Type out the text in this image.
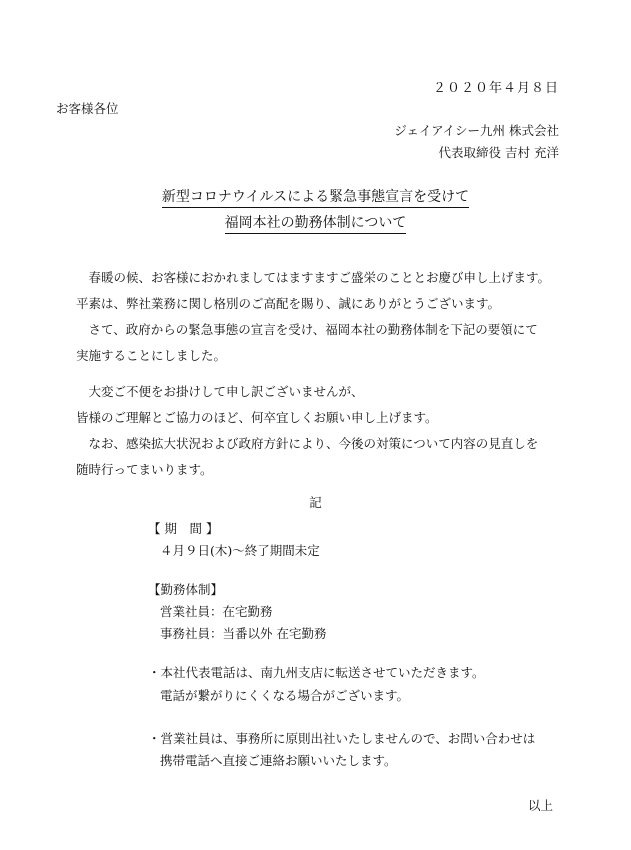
２０２０年４月８日
お客様各位
ジェイアイシー九州 株式会社
代表取締役 吉村 充洋
新型コロナウイルスによる緊急事態宣言を受けて
福岡本社の勤務体制について
　春暖の候、お客様におかれましてはますますご盛栄のこととお慶び申し上げます。
平素は、弊社業務に関し格別のご高配を賜り、誠にありがとうございます。
　さて、政府からの緊急事態の宣言を受け、福岡本社の勤務体制を下記の要領にて
実施することにしました。
　大変ご不便をお掛けして申し訳ございませんが、
皆様のご理解とご協力のほど、何卒宜しくお願い申し上げます。
　なお、感染拡大状況および政府方針により、今後の対策について内容の見直しを
随時行ってまいります。
記
【 期　間 】
４月９日(木)～終了期間未定
【勤務体制】
営業社員：在宅勤務
事務社員：当番以外 在宅勤務
・本社代表電話は、南九州支店に転送させていただきます。
電話が繋がりにくくなる場合がございます。
・営業社員は、事務所に原則出社いたしませんので、お問い合わせは
携帯電話へ直接ご連絡お願いいたします。
以上
